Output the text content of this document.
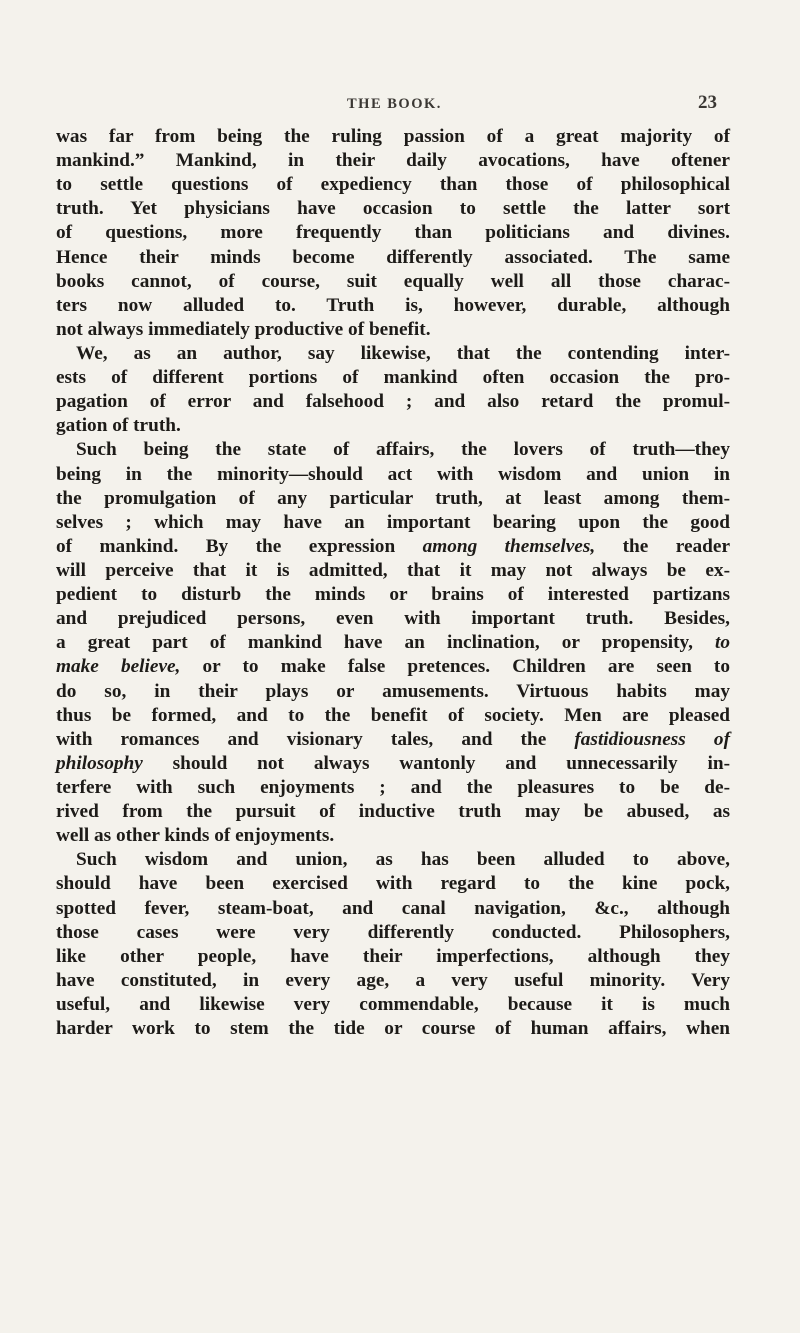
THE BOOK.	23
was far from being the ruling passion of a great majority of
mankind.” Mankind, in their daily avocations, have oftener
to settle questions of expediency than those of philosophical
truth. Yet physicians have occasion to settle the latter sort
of questions, more frequently than politicians and divines.
Hence their minds become differently associated. The same
books cannot, of course, suit equally well all those charac-
ters now alluded to. Truth is, however, durable, although
not always immediately productive of benefit.
We, as an author, say likewise, that the contending inter-
ests of different portions of mankind often occasion the pro-
pagation of error and falsehood ; and also retard the promul-
gation of truth.
Such being the state of affairs, the lovers of truth—they
being in the minority—should act with wisdom and union in
the promulgation of any particular truth, at least among them-
selves ; which may have an important bearing upon the good
of mankind. By the expression among themselves, the reader
will perceive that it is admitted, that it may not always be ex-
pedient to disturb the minds or brains of interested partizans
and prejudiced persons, even with important truth. Besides,
a great part of mankind have an inclination, or propensity, to
make believe, or to make false pretences. Children are seen to
do so, in their plays or amusements. Virtuous habits may
thus be formed, and to the benefit of society. Men are pleased
with romances and visionary tales, and the fastidiousness of
philosophy should not always wantonly and unnecessarily in-
terfere with such enjoyments ; and the pleasures to be de-
rived from the pursuit of inductive truth may be abused, as
well as other kinds of enjoyments.
Such wisdom and union, as has been alluded to above,
should have been exercised with regard to the kine pock,
spotted fever, steam-boat, and canal navigation, &c., although
those cases were very differently conducted. Philosophers,
like other people, have their imperfections, although they
have constituted, in every age, a very useful minority. Very
useful, and likewise very commendable, because it is much
harder work to stem the tide or course of human affairs, when
